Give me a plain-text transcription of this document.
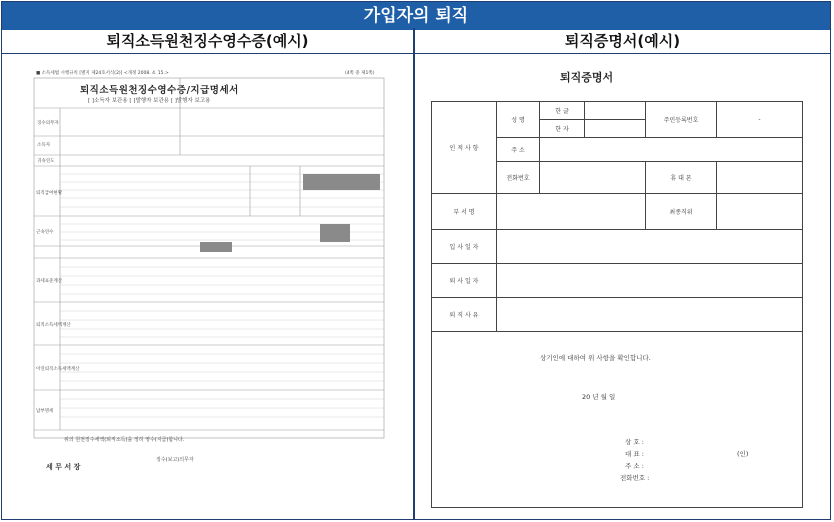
가입자의 퇴직
퇴직소득원천징수영수증(예시)	퇴직증명서(예시)
■ 소득세법 시행규칙 [별지 제24호서식(2)] <개정 2008. 4. 15.>	(4쪽 중 제1쪽)
퇴직소득원천징수영수증/지급명세서
[ ]소득자 보관용 [ ]발행자 보관용 [ ]발행자 보고용
징수의무자
소득자
귀속연도
퇴직급여현황
근속연수
과세표준계산
퇴직소득세액계산
이연퇴직소득세액계산
납부명세
위의 원천징수세액(퇴직소득)을 정히 영수(지급)합니다.
징수(보고)의무자
세 무 서 장
퇴직증명서
인 적 사 항	성 명	한 글		주민등록번호	-
		한 자			
	주 소				
	전화번호			휴 대 폰	
부 서 명				최종직위	
입 사 일 자					
퇴 사 일 자					
퇴 직 사 유					
상기인에 대하여 위 사항을 확인합니다.
20 년 월 일
상 호 :
대 표 :
주 소 :
전화번호 :
(인)
